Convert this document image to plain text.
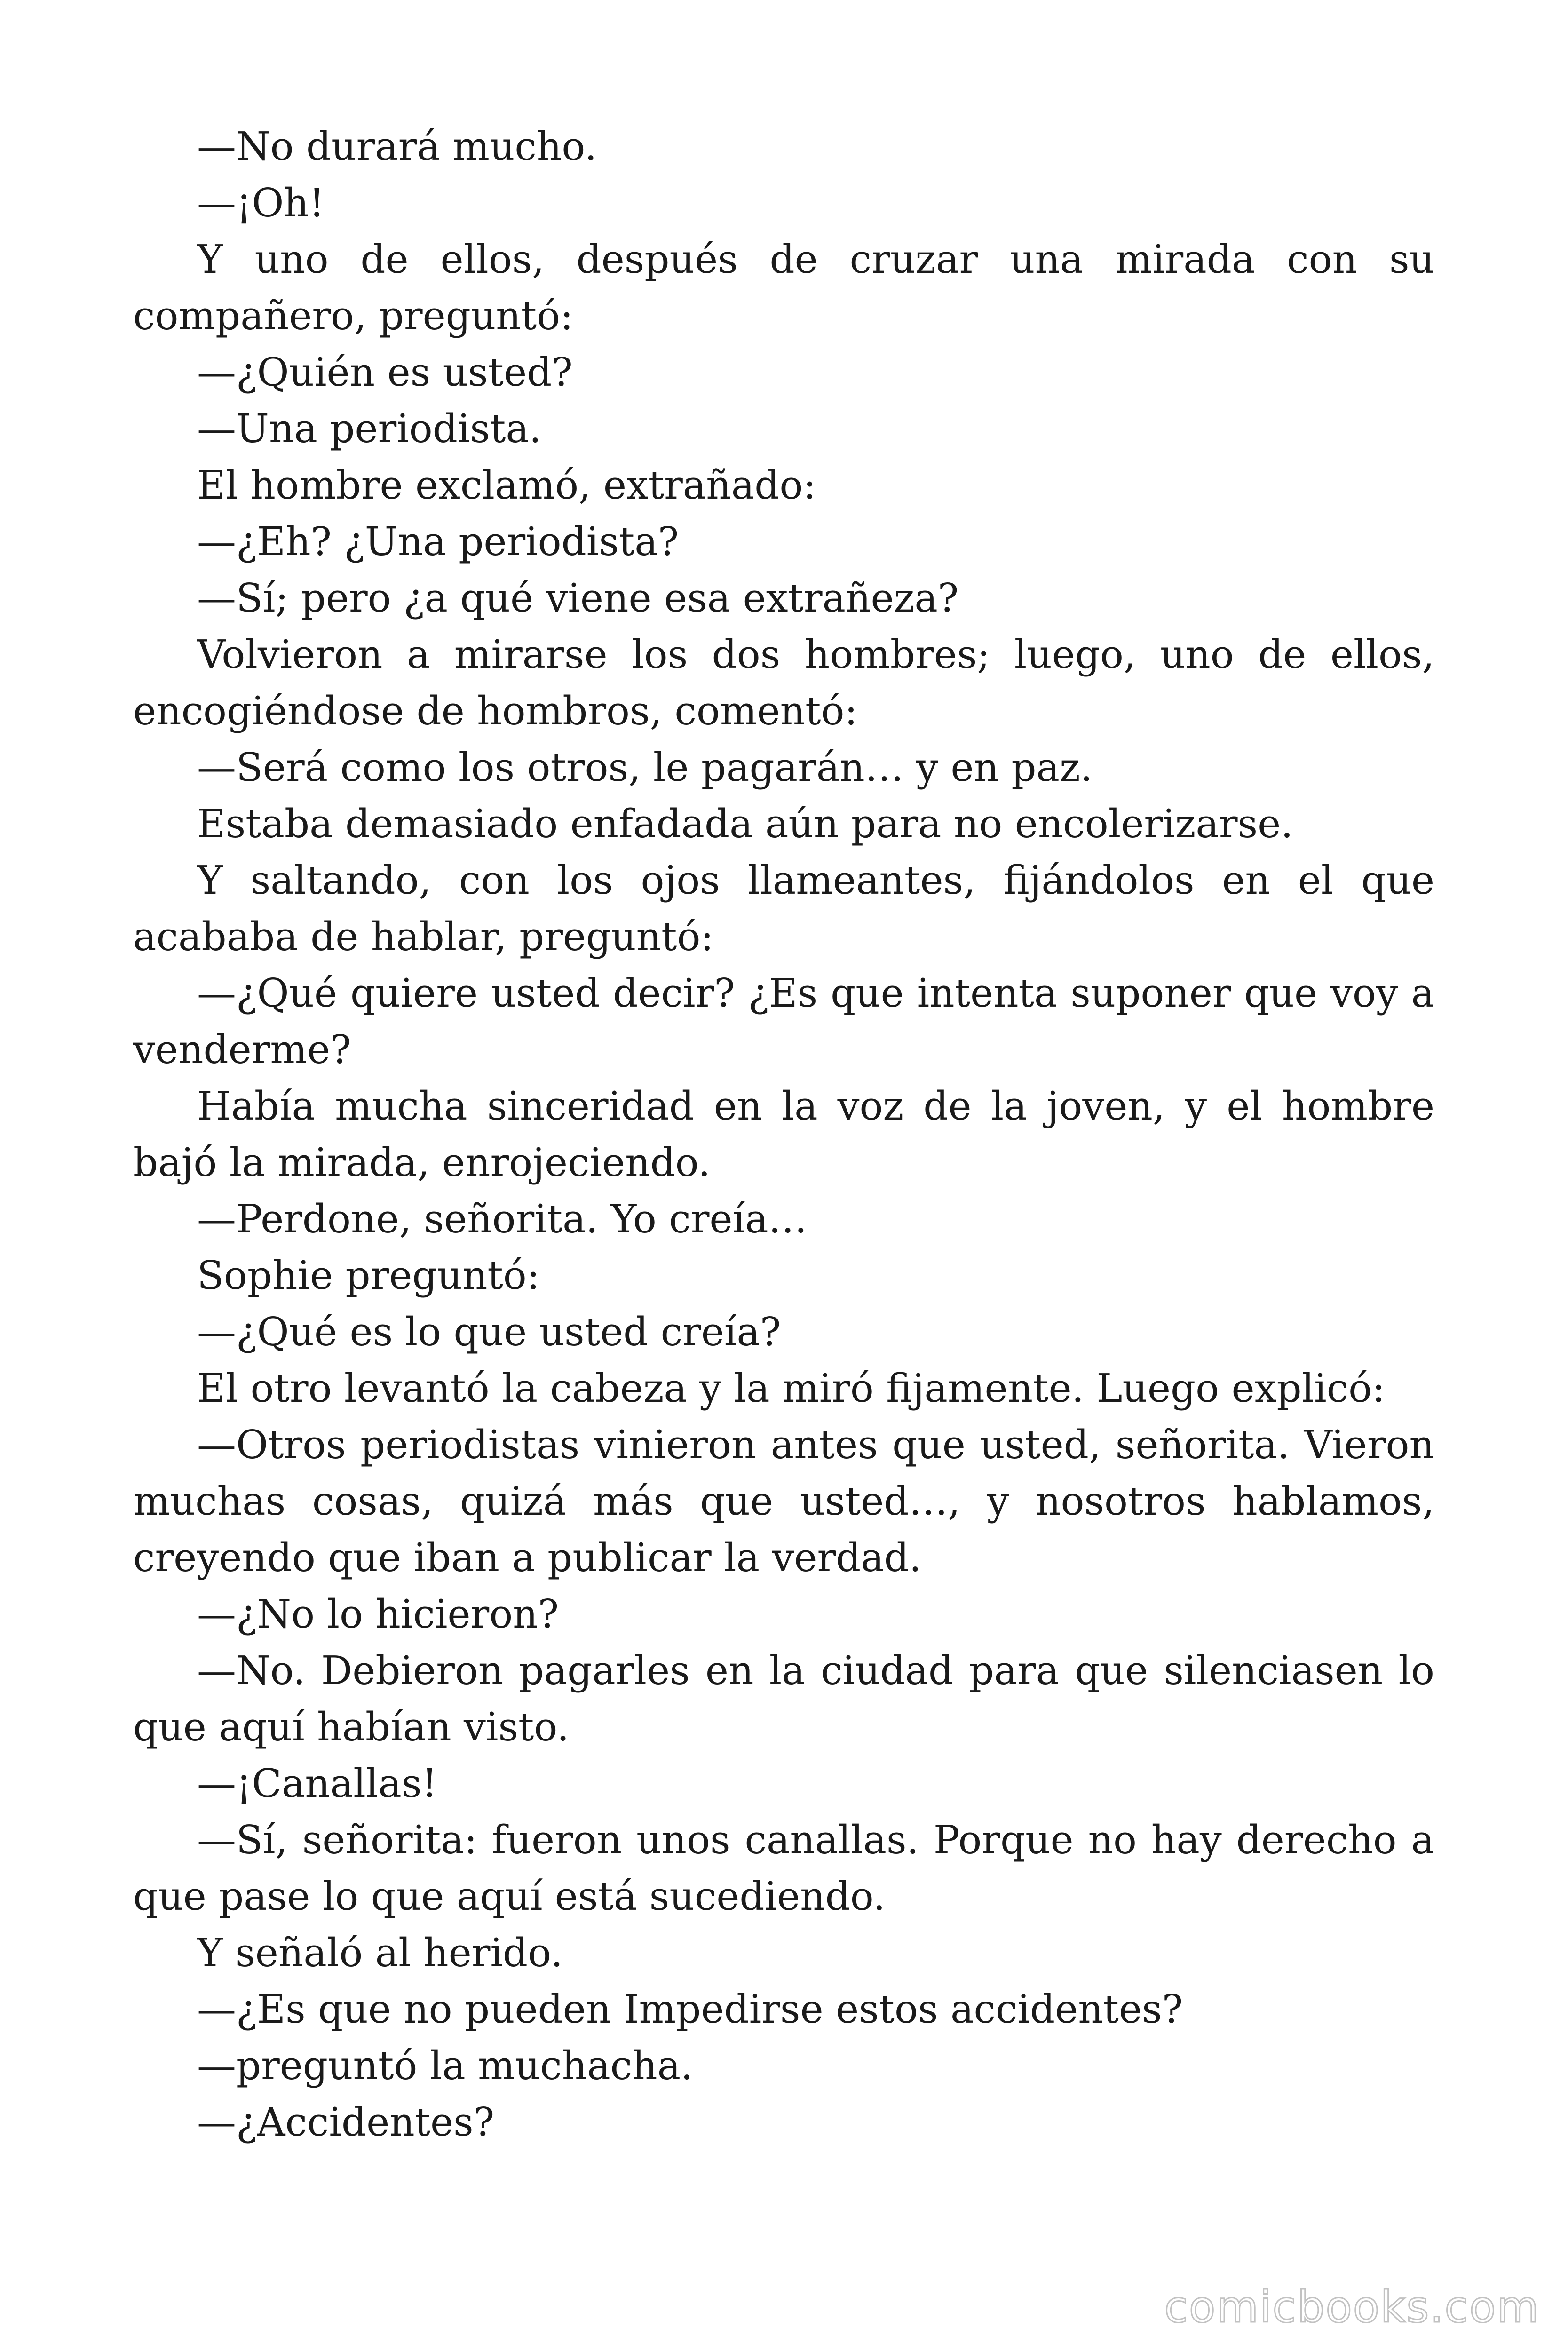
—No durará mucho.

—¡Oh!

Y uno de ellos, después de cruzar una mirada con su compañero, preguntó:

—¿Quién es usted?

—Una periodista.

El hombre exclamó, extrañado:

—¿Eh? ¿Una periodista?

—Sí; pero ¿a qué viene esa extrañeza?

Volvieron a mirarse los dos hombres; luego, uno de ellos, encogiéndose de hombros, comentó:

—Será como los otros, le pagarán… y en paz.

Estaba demasiado enfadada aún para no encolerizarse.

Y saltando, con los ojos llameantes, fijándolos en el que acababa de hablar, preguntó:

—¿Qué quiere usted decir? ¿Es que intenta suponer que voy a venderme?

Había mucha sinceridad en la voz de la joven, y el hombre bajó la mirada, enrojeciendo.

—Perdone, señorita. Yo creía…

Sophie preguntó:

—¿Qué es lo que usted creía?

El otro levantó la cabeza y la miró fijamente. Luego explicó:

—Otros periodistas vinieron antes que usted, señorita. Vieron muchas cosas, quizá más que usted…, y nosotros hablamos, creyendo que iban a publicar la verdad.

—¿No lo hicieron?

—No. Debieron pagarles en la ciudad para que silenciasen lo que aquí habían visto.

—¡Canallas!

—Sí, señorita: fueron unos canallas. Porque no hay derecho a que pase lo que aquí está sucediendo.

Y señaló al herido.

—¿Es que no pueden Impedirse estos accidentes?

—preguntó la muchacha.

—¿Accidentes?

comicbooks.com
